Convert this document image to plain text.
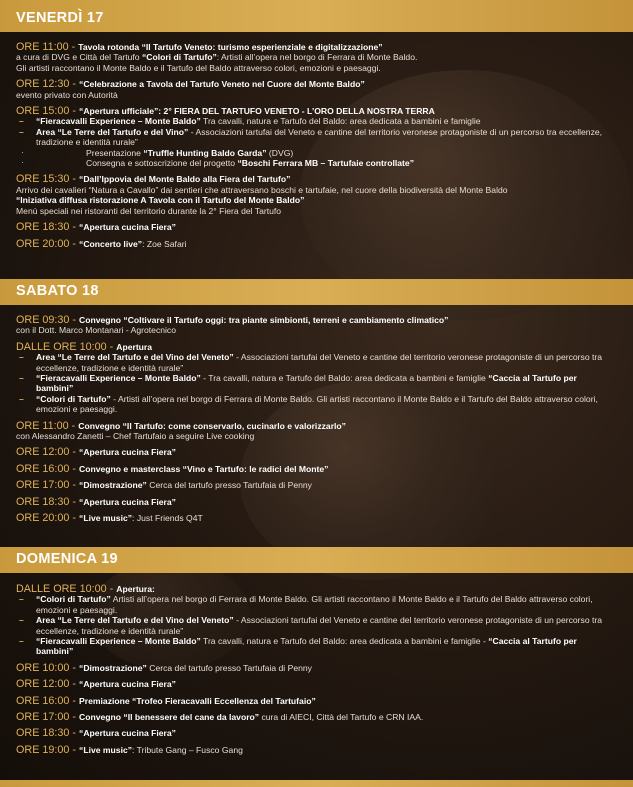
VENERDÌ 17
SABATO 18
DOMENICA 19
ORE 11:00 - Tavola rotonda “Il Tartufo Veneto: turismo esperienziale e digitalizzazione”
a cura di DVG e Città del Tartufo “Colori di Tartufo”: Artisti all’opera nel borgo di Ferrara di Monte Baldo.
Gli artisti raccontano il Monte Baldo e il Tartufo del Baldo attraverso colori, emozioni e paesaggi.
ORE 12:30 - “Celebrazione a Tavola del Tartufo Veneto nel Cuore del Monte Baldo”
evento privato con Autorità
ORE 15:00 - “Apertura ufficiale”: 2° FIERA DEL TARTUFO VENETO - L’ORO DELLA NOSTRA TERRA
– “Fieracavalli Experience – Monte Baldo” Tra cavalli, natura e Tartufo del Baldo: area dedicata a bambini e famiglie
– Area “Le Terre del Tartufo e del Vino” - Associazioni tartufai del Veneto e cantine del territorio veronese protagoniste di un percorso tra eccellenze, tradizione e identità rurale”
·	Presentazione “Truffle Hunting Baldo Garda” (DVG)
·	Consegna e sottoscrizione del progetto “Boschi Ferrara MB – Tartufaie controllate”
ORE 15:30 - “Dall’Ippovia del Monte Baldo alla Fiera del Tartufo”
Arrivo dei cavalieri “Natura a Cavallo” dai sentieri che attraversano boschi e tartufaie, nel cuore della biodiversità del Monte Baldo
“Iniziativa diffusa ristorazione A Tavola con il Tartufo del Monte Baldo”
Menù speciali nei ristoranti del territorio durante la 2° Fiera del Tartufo
ORE 18:30 - “Apertura cucina Fiera”
ORE 20:00 - “Concerto live”: Zoe Safari
ORE 09:30 - Convegno “Coltivare il Tartufo oggi: tra piante simbionti, terreni e cambiamento climatico”
con il Dott. Marco Montanari - Agrotecnico
DALLE ORE 10:00 - Apertura
– Area “Le Terre del Tartufo e del Vino del Veneto” - Associazioni tartufai del Veneto e cantine del territorio veronese protagoniste di un percorso tra eccellenze, tradizione e identità rurale”
– “Fieracavalli Experience – Monte Baldo” - Tra cavalli, natura e Tartufo del Baldo: area dedicata a bambini e famiglie “Caccia al Tartufo per bambini”
– “Colori di Tartufo” - Artisti all’opera nel borgo di Ferrara di Monte Baldo. Gli artisti raccontano il Monte Baldo e il Tartufo del Baldo attraverso colori, emozioni e paesaggi.
ORE 11:00 - Convegno “Il Tartufo: come conservarlo, cucinarlo e valorizzarlo”
con Alessandro Zanetti – Chef Tartufaio a seguire Live cooking
ORE 12:00 - “Apertura cucina Fiera”
ORE 16:00 - Convegno e masterclass “Vino e Tartufo: le radici del Monte”
ORE 17:00 - “Dimostrazione” Cerca del tartufo presso Tartufaia di Penny
ORE 18:30 - “Apertura cucina Fiera”
ORE 20:00 - “Live music”: Just Friends Q4T
DALLE ORE 10:00 - Apertura:
– “Colori di Tartufo” Artisti all’opera nel borgo di Ferrara di Monte Baldo. Gli artisti raccontano il Monte Baldo e il Tartufo del Baldo attraverso colori, emozioni e paesaggi.
– Area “Le Terre del Tartufo e del Vino del Veneto” - Associazioni tartufai del Veneto e cantine del territorio veronese protagoniste di un percorso tra eccellenze, tradizione e identità rurale”
– “Fieracavalli Experience – Monte Baldo” Tra cavalli, natura e Tartufo del Baldo: area dedicata a bambini e famiglie - “Caccia al Tartufo per bambini”
ORE 10:00 - “Dimostrazione” Cerca del tartufo presso Tartufaia di Penny
ORE 12:00 - “Apertura cucina Fiera”
ORE 16:00 - Premiazione “Trofeo Fieracavalli Eccellenza del Tartufaio”
ORE 17:00 - Convegno “Il benessere del cane da lavoro” cura di AIECI, Città del Tartufo e CRN IAA.
ORE 18:30 - “Apertura cucina Fiera”
ORE 19:00 - “Live music”: Tribute Gang – Fusco Gang
